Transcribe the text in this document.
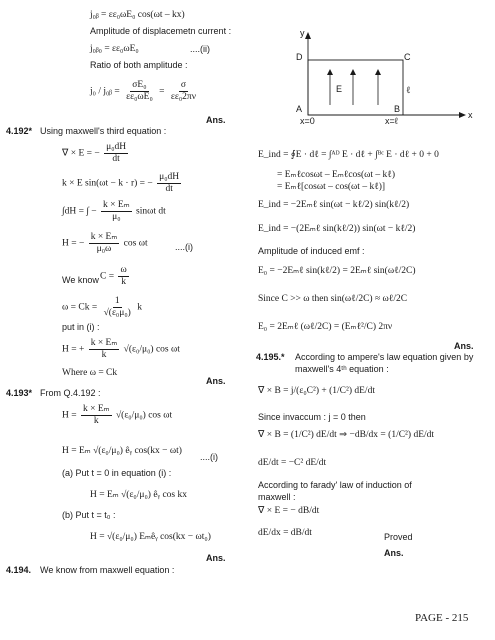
j₀ᵦ = εε₀ωE₀ cos(ωt – kx)
Amplitude of displacemetn current :
j₀ᵦ₀ = εε₀ωE₀	....(ii)
Ratio of both amplitude :
j₀ / j₀ᵦ = $\frac{\text{σE₀}}{\text{εε₀ωE₀}} = \frac{\sigma}{\text{εε₀2πν}}$
Ans.
4.192* Using maxwell's third equation :
∇ × E = − $\frac{\text{μ₀dH}}{dt}$
k × E sin(ωt − k · r) = − $\frac{\text{μ₀dH}}{dt}$
∫dH = ∫ − $\frac{\text{k × Eₘ}}{\text{μ₀}}$ sinωt dt
H = − $\frac{\text{k × Eₘ}}{\text{μ₀ω}}$ cos ωt	....(i)
We know $C = \frac{\omega}{k}$
$\omega = Ck = \frac{1}{\text{√(ε₀μ₀)}}$ k
put in (i) :
H = + $\frac{\text{k × Eₘ}}{k} √(\varepsilon_0/\mu_0)$ cos ωt
Where ω = Ck
Ans.
4.193* From Q.4.192 :
$H = \frac{\text{k × Eₘ}}{k} √(\varepsilon_0/\mu_0)$ cos ωt
H = Eₘ √(ε₀/μ₀) êᵧ cos(kx − ωt)
....(i)
(a) Put t = 0 in equation (i) :
H = Eₘ √(ε₀/μ₀) êᵧ cos kx
(b) Put t = t₀ :
H = √(ε₀/μ₀) Eₘêᵧ cos(kx − ωt₀)
Ans.
4.194. We know from maxwell equation :
y
D	C
E	ℓ
A	B
x
x=0	x=ℓ
E_ind = ∮E · dℓ = ∫ᴬᴰ E · dℓ + ∫ᴮᶜ E · dℓ + 0 + 0
= Eₘℓcosωt – Eₘℓcos(ωt – kℓ)
= Eₘℓ[cosωt – cos(ωt – kℓ)]
E_ind = −2Eₘℓ sin(ωt − kℓ/2) sin(kℓ/2)
E_ind = −(2Eₘℓ sin(kℓ/2)) sin(ωt − kℓ/2)
Amplitude of induced emf :
E₀ = −2Eₘℓ sin(kℓ/2) = 2Eₘℓ sin(ωℓ/2C)
Since C >> ω then sin(ωℓ/2C) ≈ ωℓ/2C
E₀ = 2Eₘℓ (ωℓ/2C) = (Eₘℓ²/C) 2πν
Ans.
4.195.* According to ampere's law equation given by
maxwell's 4ᵗʰ equation :
∇ × B = j/(ε₀C²) + (1/C²) dE/dt
Since invaccum : j = 0 then
∇ × B = (1/C²) dE/dt ⇒ −dB/dx = (1/C²) dE/dt
dE/dt = −C² dE/dt
According to farady' law of induction of
maxwell :
∇ × E = − dB/dt
dE/dx = dB/dt	Proved
Ans.
PAGE - 215
